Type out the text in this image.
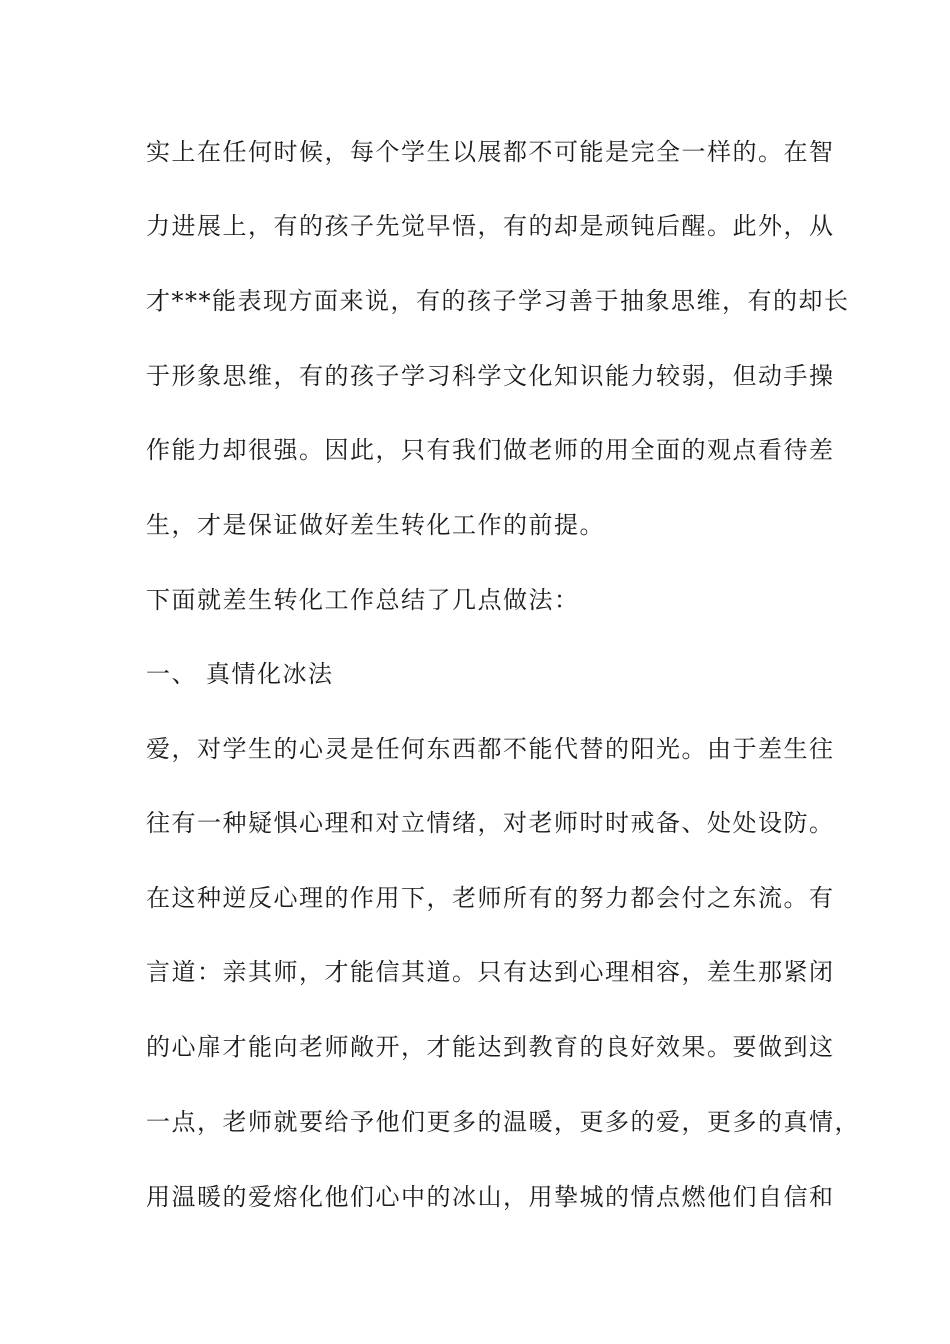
实上在任何时候，每个学生以展都不可能是完全一样的。在智
力进展上，有的孩子先觉早悟，有的却是顽钝后醒。此外，从
才***能表现方面来说，有的孩子学习善于抽象思维，有的却长
于形象思维，有的孩子学习科学文化知识能力较弱，但动手操
作能力却很强。因此，只有我们做老师的用全面的观点看待差
生，才是保证做好差生转化工作的前提。
下面就差生转化工作总结了几点做法：
一、 真情化冰法
爱，对学生的心灵是任何东西都不能代替的阳光。由于差生往
往有一种疑惧心理和对立情绪，对老师时时戒备、处处设防。
在这种逆反心理的作用下，老师所有的努力都会付之东流。有
言道：亲其师，才能信其道。只有达到心理相容，差生那紧闭
的心扉才能向老师敞开，才能达到教育的良好效果。要做到这
一点，老师就要给予他们更多的温暖，更多的爱，更多的真情，
用温暖的爱熔化他们心中的冰山，用挚城的情点燃他们自信和
